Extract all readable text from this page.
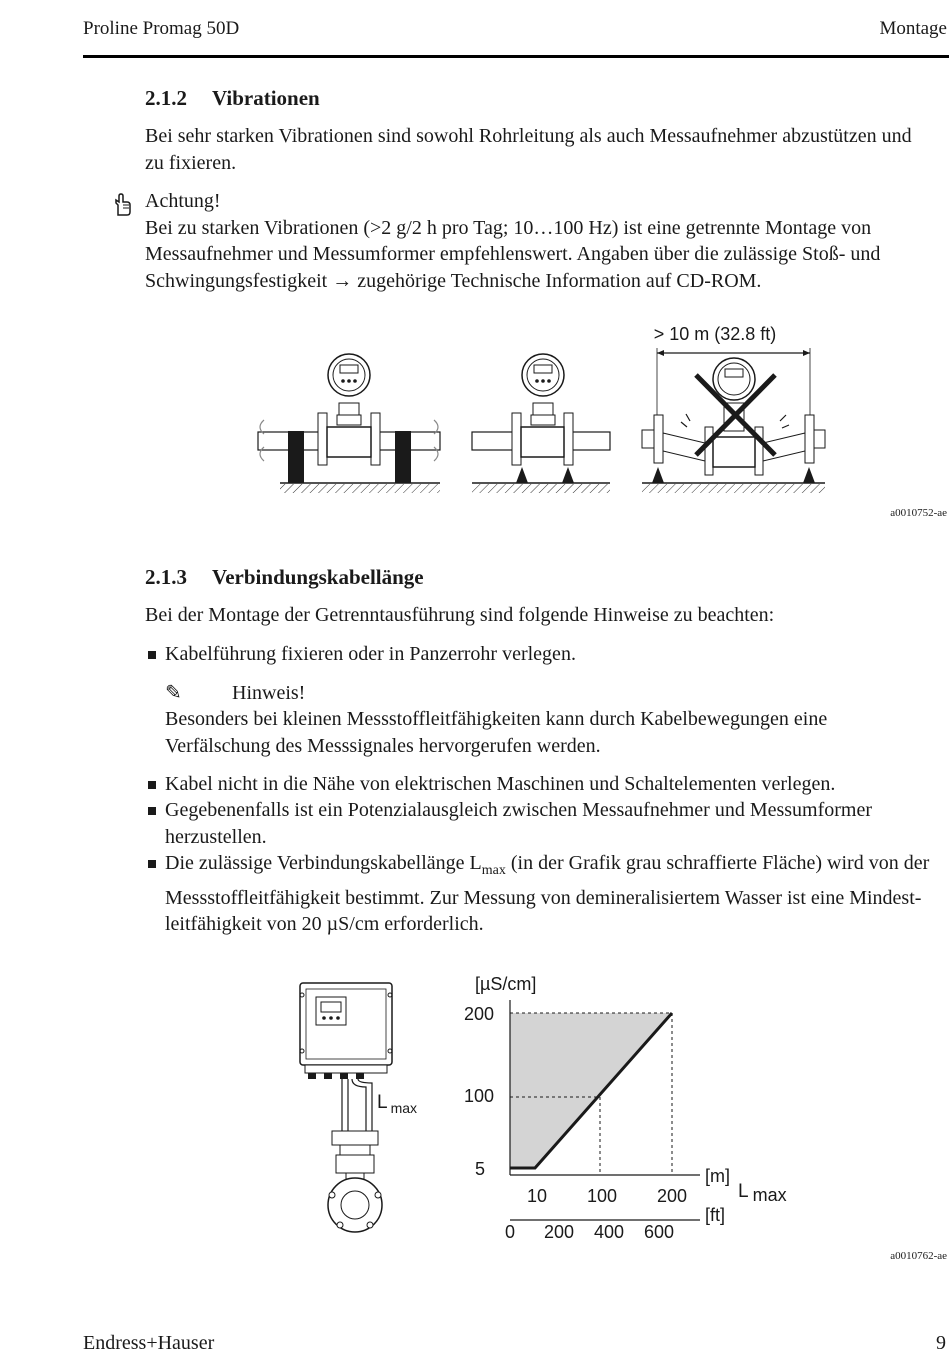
Proline Promag 50D	Montage
2.1.2 Vibrationen
Bei sehr starken Vibrationen sind sowohl Rohrleitung als auch Messaufnehmer abzustützen und
zu fixieren.
Achtung!
Bei zu starken Vibrationen (>2 g/2 h pro Tag; 10…100 Hz) ist eine getrennte Montage von
Messaufnehmer und Messumformer empfehlenswert. Angaben über die zulässige Stoß- und
Schwingungsfestigkeit → zugehörige Technische Information auf CD-ROM.
> 10 m (32.8 ft)
a0010752-ae
2.1.3 Verbindungskabellänge
Bei der Montage der Getrenntausführung sind folgende Hinweise zu beachten:
Kabelführung fixieren oder in Panzerrohr verlegen.
✎	Hinweis!
Besonders bei kleinen Messstoffleitfähigkeiten kann durch Kabelbewegungen eine
Verfälschung des Messsignales hervorgerufen werden.
Kabel nicht in die Nähe von elektrischen Maschinen und Schaltelementen verlegen.
Gegebenenfalls ist ein Potenzialausgleich zwischen Messaufnehmer und Messumformer
herzustellen.
Die zulässige Verbindungskabellänge $L_{max}$ (in der Grafik grau schraffierte Fläche) wird von der
Messstoffleitfähigkeit bestimmt. Zur Messung von demineralisiertem Wasser ist eine Mindest-
leitfähigkeit von 20 µS/cm erforderlich.
L $_{max}$
[µS/cm]
200
100
5
10 100 200
[m]
[ft]
L max
0 200 400 600
a0010762-ae
Endress+Hauser	9
